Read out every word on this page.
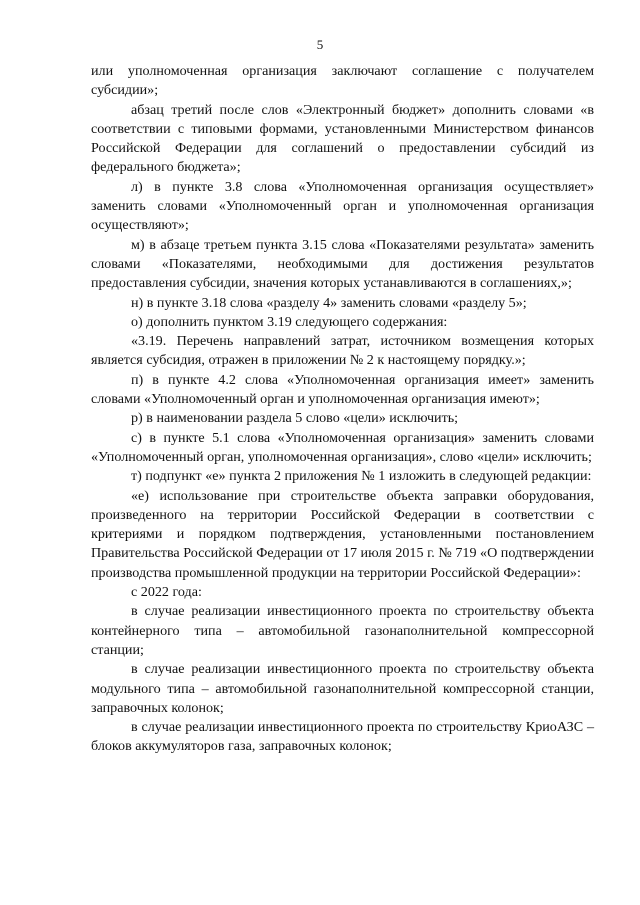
5

или уполномоченная организация заключают соглашение с получателем субсидии»;

абзац третий после слов «Электронный бюджет» дополнить словами «в соответствии с типовыми формами, установленными Министерством финансов Российской Федерации для соглашений о предоставлении субсидий из федерального бюджета»;

л) в пункте 3.8 слова «Уполномоченная организация осуществляет» заменить словами «Уполномоченный орган и уполномоченная организация осуществляют»;

м) в абзаце третьем пункта 3.15 слова «Показателями результата» заменить словами «Показателями, необходимыми для достижения результатов предоставления субсидии, значения которых устанавливаются в соглашениях,»;

н) в пункте 3.18 слова «разделу 4» заменить словами «разделу 5»;

о) дополнить пунктом 3.19 следующего содержания:

«3.19. Перечень направлений затрат, источником возмещения которых является субсидия, отражен в приложении № 2 к настоящему порядку.»;

п) в пункте 4.2 слова «Уполномоченная организация имеет» заменить словами «Уполномоченный орган и уполномоченная организация имеют»;

р) в наименовании раздела 5 слово «цели» исключить;

с) в пункте 5.1 слова «Уполномоченная организация» заменить словами «Уполномоченный орган, уполномоченная организация», слово «цели» исключить;

т) подпункт «е» пункта 2 приложения № 1 изложить в следующей редакции:

«е) использование при строительстве объекта заправки оборудования, произведенного на территории Российской Федерации в соответствии с критериями и порядком подтверждения, установленными постановлением Правительства Российской Федерации от 17 июля 2015 г. № 719 «О подтверждении производства промышленной продукции на территории Российской Федерации»:

с 2022 года:

в случае реализации инвестиционного проекта по строительству объекта контейнерного типа – автомобильной газонаполнительной компрессорной станции;

в случае реализации инвестиционного проекта по строительству объекта модульного типа – автомобильной газонаполнительной компрессорной станции, заправочных колонок;

в случае реализации инвестиционного проекта по строительству КриоАЗС – блоков аккумуляторов газа, заправочных колонок;
